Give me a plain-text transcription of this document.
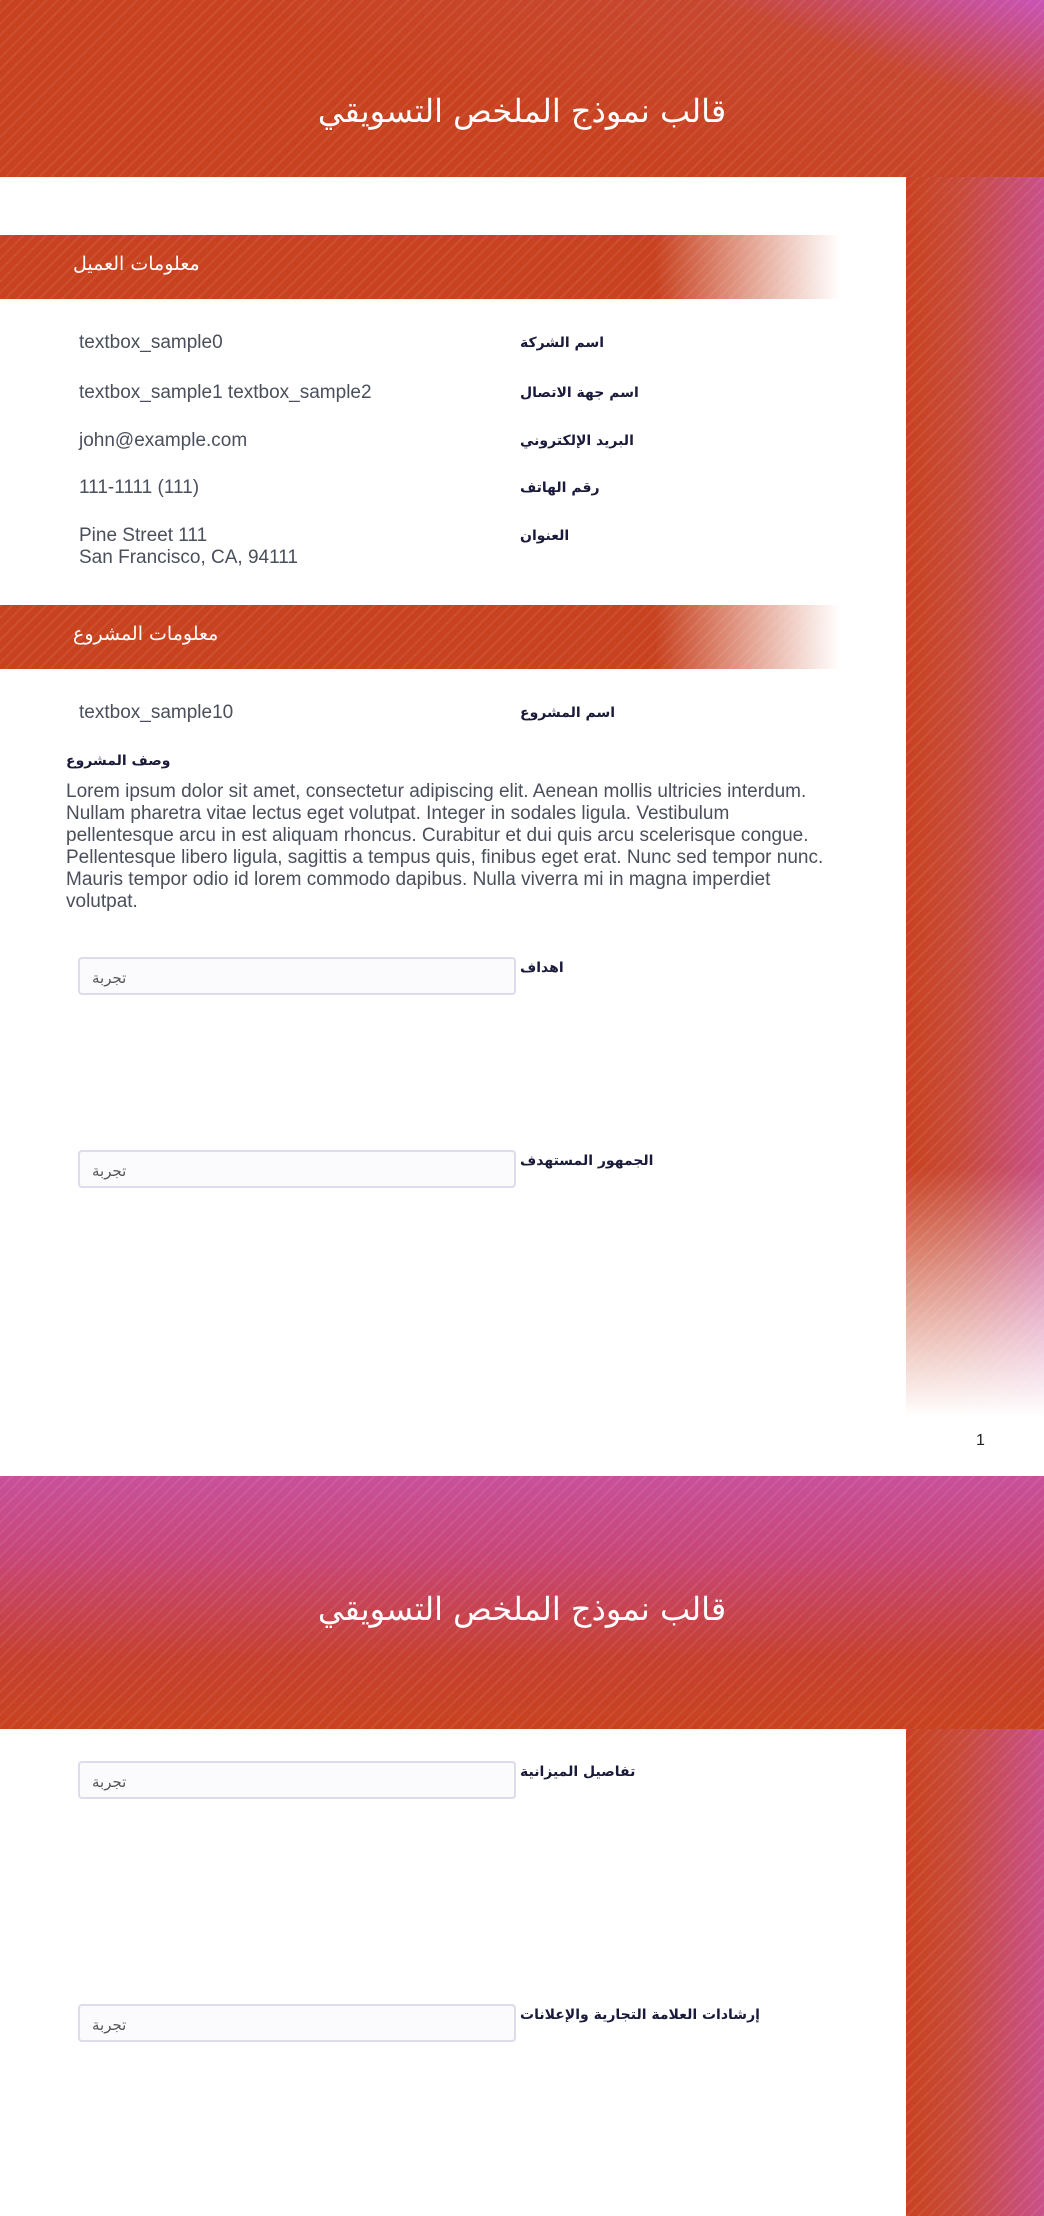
قالب نموذج الملخص التسويقي
معلومات العميل
textbox_sample0	اسم الشركة
textbox_sample1 textbox_sample2	اسم جهة الاتصال
john@example.com	البريد الإلكتروني
111-1111 (111)	رقم الهاتف
Pine Street 111
San Francisco, CA, 94111
العنوان
معلومات المشروع
textbox_sample10	اسم المشروع
وصف المشروع

Lorem ipsum dolor sit amet, consectetur adipiscing elit. Aenean mollis ultricies interdum. Nullam pharetra vitae lectus eget volutpat. Integer in sodales ligula. Vestibulum pellentesque arcu in est aliquam rhoncus. Curabitur et dui quis arcu scelerisque congue. Pellentesque libero ligula, sagittis a tempus quis, finibus eget erat. Nunc sed tempor nunc. Mauris tempor odio id lorem commodo dapibus. Nulla viverra mi in magna imperdiet volutpat.

تجربة
اهداف
تجربة
الجمهور المستهدف
1
قالب نموذج الملخص التسويقي
تجربة
تفاصيل الميزانية
تجربة
إرشادات العلامة التجارية والإعلانات
